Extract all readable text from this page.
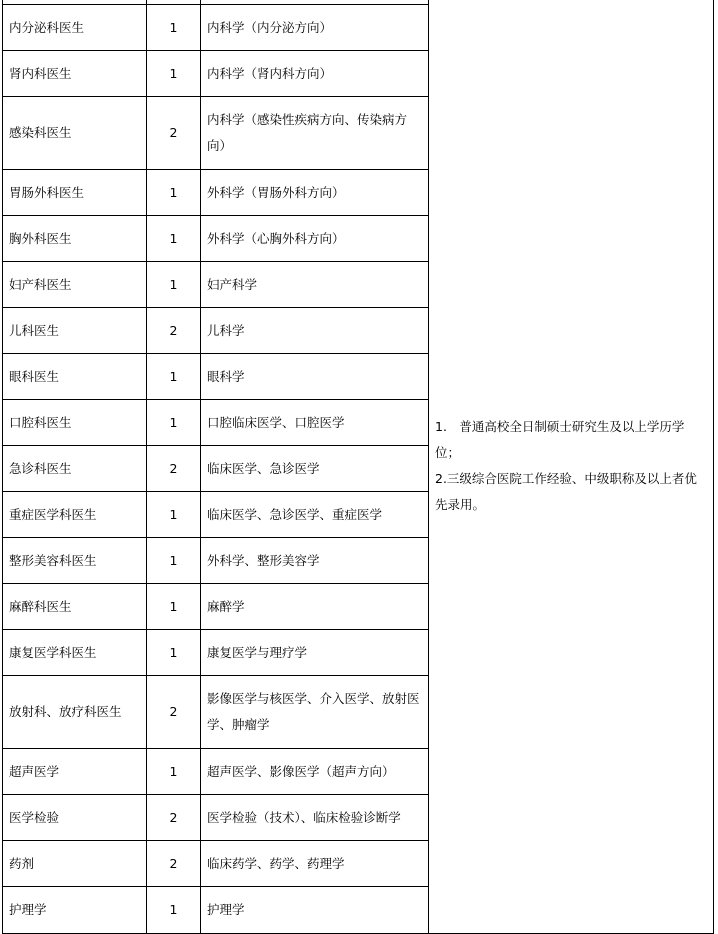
			1.　普通高校全日制硕士研究生及以上学历学位；
2.三级综合医院工作经验、中级职称及以上者优先录用。

内分泌科医生	1	内科学（内分泌方向）	
肾内科医生	1	内科学（肾内科方向）	
感染科医生	2	内科学（感染性疾病方向、传染病方向）	
胃肠外科医生	1	外科学（胃肠外科方向）	
胸外科医生	1	外科学（心胸外科方向）	
妇产科医生	1	妇产科学	
儿科医生	2	儿科学	
眼科医生	1	眼科学	
口腔科医生	1	口腔临床医学、口腔医学	
急诊科医生	2	临床医学、急诊医学	
重症医学科医生	1	临床医学、急诊医学、重症医学	
整形美容科医生	1	外科学、整形美容学	
麻醉科医生	1	麻醉学	
康复医学科医生	1	康复医学与理疗学	
放射科、放疗科医生	2	影像医学与核医学、介入医学、放射医学、肿瘤学	
超声医学	1	超声医学、影像医学（超声方向）	
医学检验	2	医学检验（技术）、临床检验诊断学	
药剂	2	临床药学、药学、药理学	
护理学	1	护理学	
